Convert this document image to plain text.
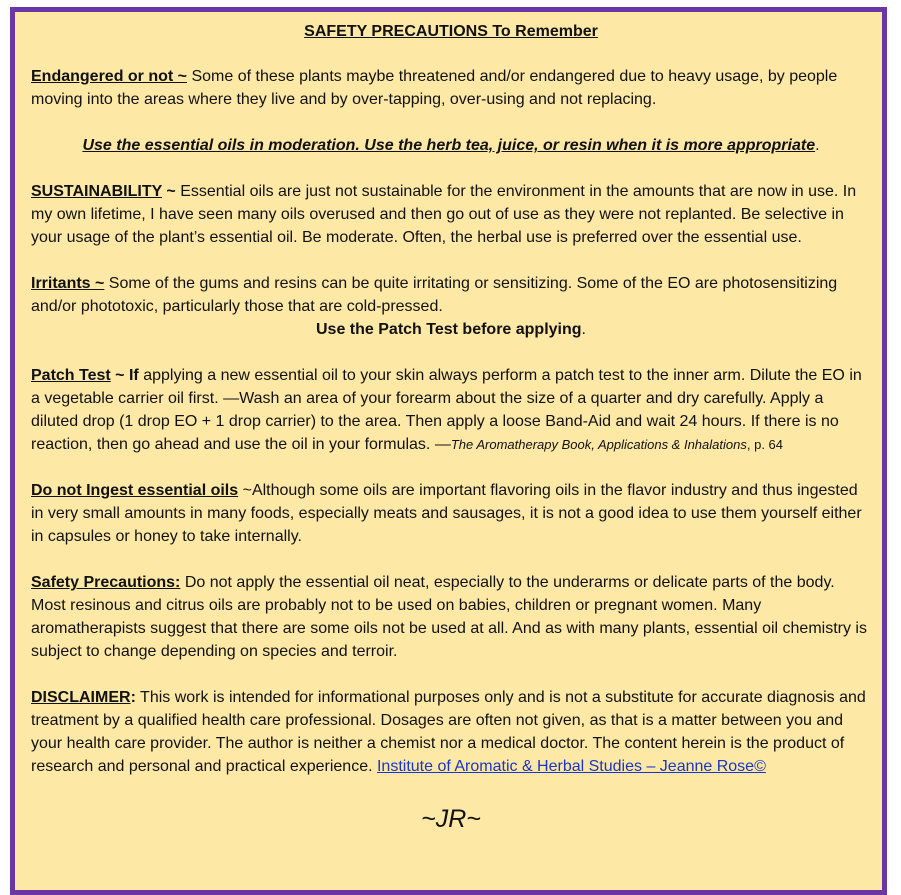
SAFETY PRECAUTIONS To Remember

Endangered or not ~ Some of these plants maybe threatened and/or endangered due to heavy usage, by people moving into the areas where they live and by over-tapping, over-using and not replacing.

Use the essential oils in moderation. Use the herb tea, juice, or resin when it is more appropriate.

SUSTAINABILITY ~ Essential oils are just not sustainable for the environment in the amounts that are now in use. In my own lifetime, I have seen many oils overused and then go out of use as they were not replanted. Be selective in your usage of the plant’s essential oil. Be moderate. Often, the herbal use is preferred over the essential use.

Irritants ~ Some of the gums and resins can be quite irritating or sensitizing. Some of the EO are photosensitizing and/or phototoxic, particularly those that are cold-pressed.

Use the Patch Test before applying.

Patch Test ~ If applying a new essential oil to your skin always perform a patch test to the inner arm. Dilute the EO in a vegetable carrier oil first. —Wash an area of your forearm about the size of a quarter and dry carefully. Apply a diluted drop (1 drop EO + 1 drop carrier) to the area. Then apply a loose Band-Aid and wait 24 hours. If there is no reaction, then go ahead and use the oil in your formulas. —The Aromatherapy Book, Applications & Inhalations, p. 64

Do not Ingest essential oils ~Although some oils are important flavoring oils in the flavor industry and thus ingested in very small amounts in many foods, especially meats and sausages, it is not a good idea to use them yourself either in capsules or honey to take internally.

Safety Precautions: Do not apply the essential oil neat, especially to the underarms or delicate parts of the body. Most resinous and citrus oils are probably not to be used on babies, children or pregnant women. Many aromatherapists suggest that there are some oils not be used at all. And as with many plants, essential oil chemistry is subject to change depending on species and terroir.

DISCLAIMER: This work is intended for informational purposes only and is not a substitute for accurate diagnosis and treatment by a qualified health care professional. Dosages are often not given, as that is a matter between you and your health care provider. The author is neither a chemist nor a medical doctor. The content herein is the product of research and personal and practical experience. Institute of Aromatic & Herbal Studies – Jeanne Rose©

~JR~
